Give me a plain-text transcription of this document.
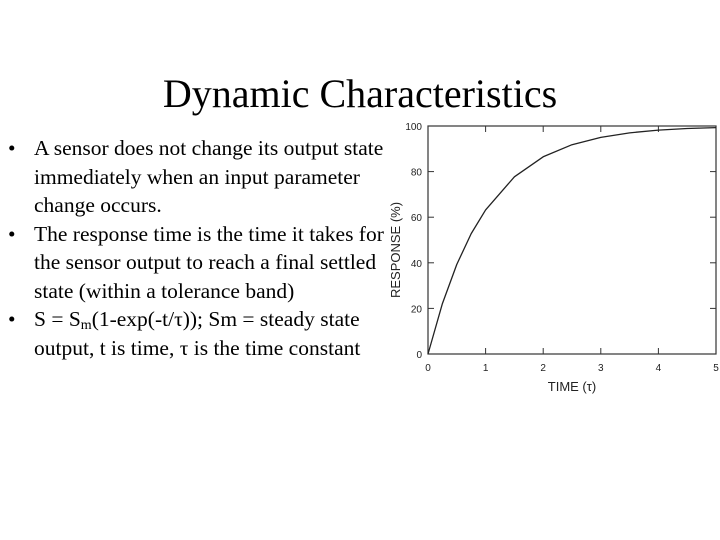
Dynamic Characteristics
• A sensor does not change its output state immediately when an input parameter change occurs.
• The response time is the time it takes for the sensor output to reach a final settled state (within a tolerance band)
• $S = S_m(1-\exp(-t/\tau))$; Sm = steady state output, t is time, τ is the time constant
0	1	2	3	4	5
0
20
40
60
80
100
TIME (τ)
RESPONSE (%)
